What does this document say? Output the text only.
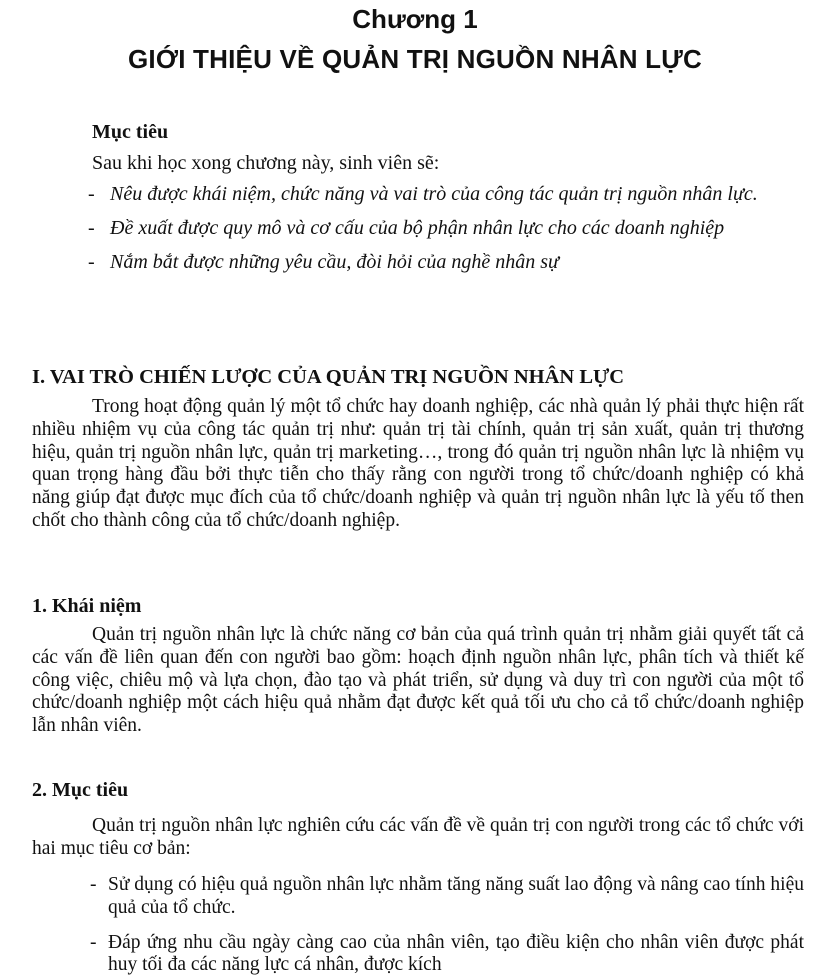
Chương 1
GIỚI THIỆU VỀ QUẢN TRỊ NGUỒN NHÂN LỰC
Mục tiêu
Sau khi học xong chương này, sinh viên sẽ:
- Nêu được khái niệm, chức năng và vai trò của công tác quản trị nguồn nhân lực.
- Đề xuất được quy mô và cơ cấu của bộ phận nhân lực cho các doanh nghiệp
- Nắm bắt được những yêu cầu, đòi hỏi của nghề nhân sự
I. VAI TRÒ CHIẾN LƯỢC CỦA QUẢN TRỊ NGUỒN NHÂN LỰC

Trong hoạt động quản lý một tổ chức hay doanh nghiệp, các nhà quản lý phải thực hiện rất nhiều nhiệm vụ của công tác quản trị như: quản trị tài chính, quản trị sản xuất, quản trị thương hiệu, quản trị nguồn nhân lực, quản trị marketing…, trong đó quản trị nguồn nhân lực là nhiệm vụ quan trọng hàng đầu bởi thực tiễn cho thấy rằng con người trong tổ chức/doanh nghiệp có khả năng giúp đạt được mục đích của tổ chức/doanh nghiệp và quản trị nguồn nhân lực là yếu tố then chốt cho thành công của tổ chức/doanh nghiệp.

1. Khái niệm

Quản trị nguồn nhân lực là chức năng cơ bản của quá trình quản trị nhằm giải quyết tất cả các vấn đề liên quan đến con người bao gồm: hoạch định nguồn nhân lực, phân tích và thiết kế công việc, chiêu mộ và lựa chọn, đào tạo và phát triển, sử dụng và duy trì con người của một tổ chức/doanh nghiệp một cách hiệu quả nhằm đạt được kết quả tối ưu cho cả tổ chức/doanh nghiệp lẫn nhân viên.

2. Mục tiêu

Quản trị nguồn nhân lực nghiên cứu các vấn đề về quản trị con người trong các tổ chức với hai mục tiêu cơ bản:

- Sử dụng có hiệu quả nguồn nhân lực nhằm tăng năng suất lao động và nâng cao tính hiệu quả của tổ chức.
- Đáp ứng nhu cầu ngày càng cao của nhân viên, tạo điều kiện cho nhân viên được phát huy tối đa các năng lực cá nhân, được kích
